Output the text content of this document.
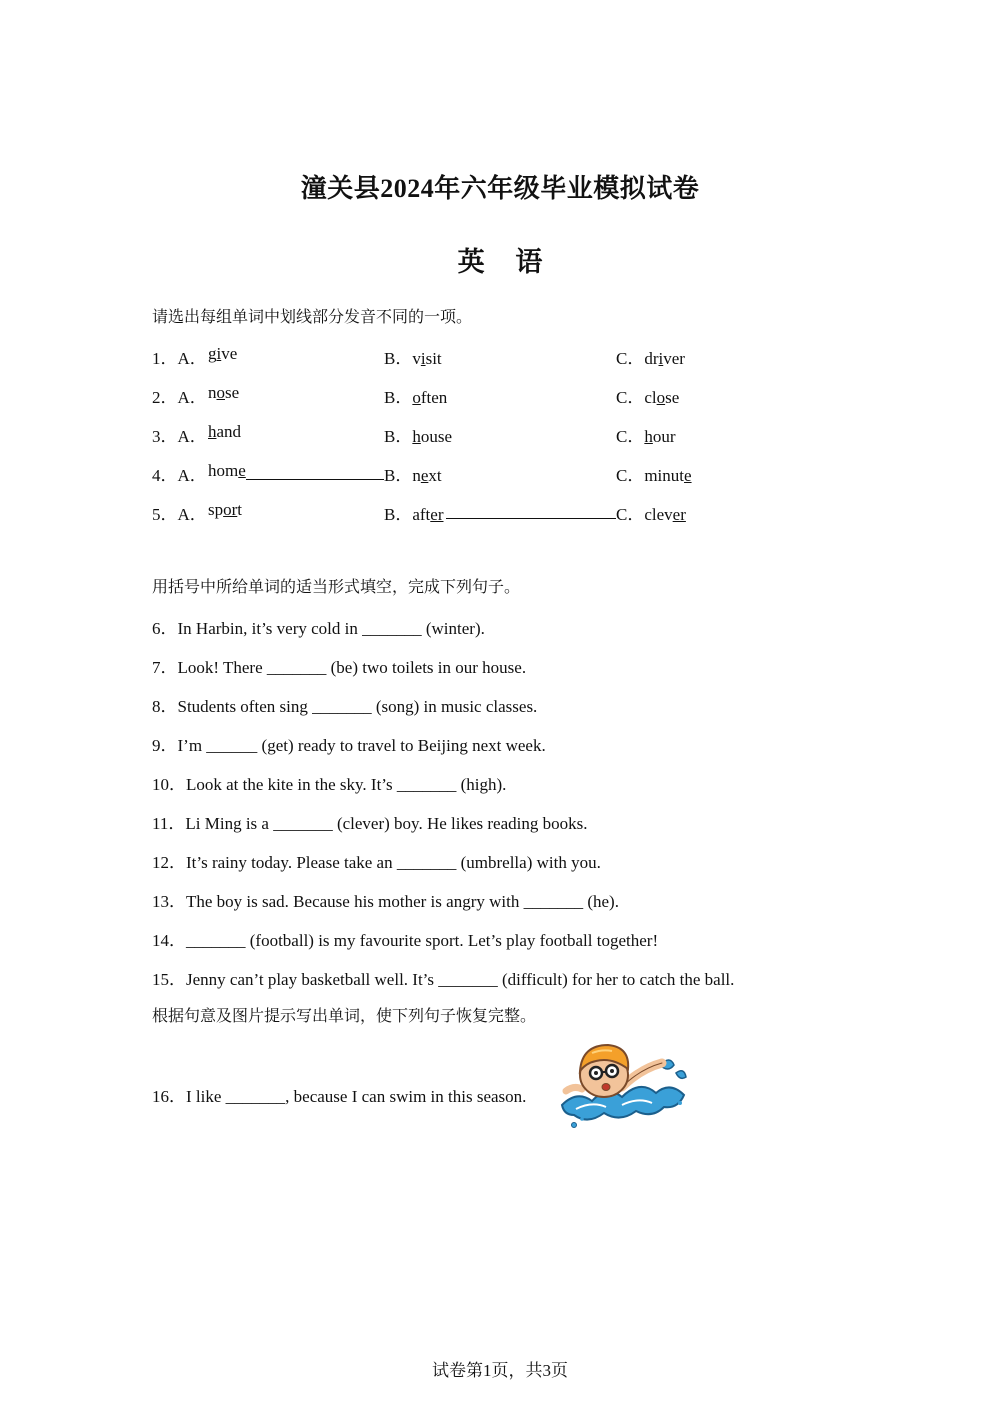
潼关县2024年六年级毕业模拟试卷
英 语
请选出每组单词中划线部分发音不同的一项。
1．A． give	B．visit	C．driver
2．A． nose	B．often	C．close
3．A． hand	B．house	C．hour
4．A． home	B．next	C．minute
5．A． sport	B．after	C．clever
用括号中所给单词的适当形式填空，完成下列句子。
6．In Harbin, it’s very cold in _______ (winter).
7．Look! There _______ (be) two toilets in our house.
8．Students often sing _______ (song) in music classes.
9．I’m ______ (get) ready to travel to Beijing next week.
10．Look at the kite in the sky. It’s _______ (high).
11．Li Ming is a _______ (clever) boy. He likes reading books.
12．It’s rainy today. Please take an _______ (umbrella) with you.
13．The boy is sad. Because his mother is angry with _______ (he).
14．_______ (football) is my favourite sport. Let’s play football together!
15．Jenny can’t play basketball well. It’s _______ (difficult) for her to catch the ball.
根据句意及图片提示写出单词，使下列句子恢复完整。
16．I like _______, because I can swim in this season.
试卷第1页，共3页
